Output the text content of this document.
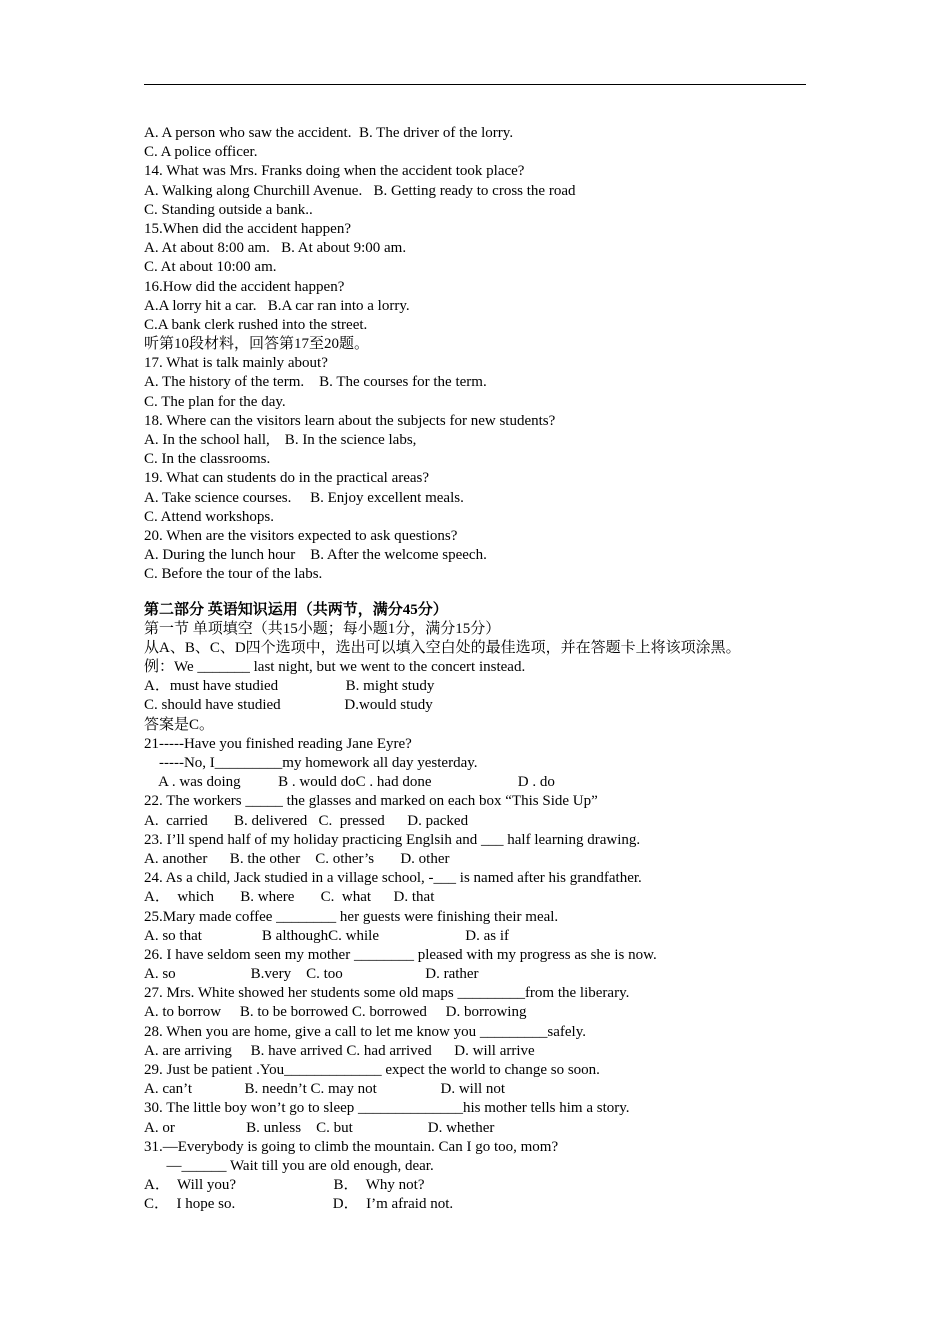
A. A person who saw the accident.  B. The driver of the lorry.
C. A police officer.
14. What was Mrs. Franks doing when the accident took place?
A. Walking along Churchill Avenue.   B. Getting ready to cross the road
C. Standing outside a bank..
15.When did the accident happen?
A. At about 8:00 am.   B. At about 9:00 am.
C. At about 10:00 am.
16.How did the accident happen?
A.A lorry hit a car.   B.A car ran into a lorry.
C.A bank clerk rushed into the street.
听第10段材料，回答第17至20题。
17. What is talk mainly about?
A. The history of the term.    B. The courses for the term.
C. The plan for the day.
18. Where can the visitors learn about the subjects for new students?
A. In the school hall,    B. In the science labs,
C. In the classrooms.
19. What can students do in the practical areas?
A. Take science courses.     B. Enjoy excellent meals.
C. Attend workshops.
20. When are the visitors expected to ask questions?
A. During the lunch hour    B. After the welcome speech.
C. Before the tour of the labs.
第二部分 英语知识运用（共两节，满分45分）
第一节 单项填空（共15小题；每小题1分，满分15分）
从A、B、C、D四个选项中，选出可以填入空白处的最佳选项，并在答题卡上将该项涂黑。
例：We _______ last night, but we went to the concert instead.
A．must have studied                  B. might study
C. should have studied                 D.would study
答案是C。
21-----Have you finished reading Jane Eyre?
-----No, I_________my homework all day yesterday.
A . was doing          B . would doC . had done                       D . do
22. The workers _____ the glasses and marked on each box “This Side Up”
A.  carried       B. delivered   C.  pressed      D. packed
23. I’ll spend half of my holiday practicing Englsih and ___ half learning drawing.
A. another      B. the other    C. other’s       D. other
24. As a child, Jack studied in a village school, -___ is named after his grandfather.
A．  which       B. where       C.  what      D. that
25.Mary made coffee ________ her guests were finishing their meal.
A. so that                B althoughC. while                       D. as if
26. I have seldom seen my mother ________ pleased with my progress as she is now.
A. so                    B.very    C. too                      D. rather
27. Mrs. White showed her students some old maps _________from the liberary.
A. to borrow     B. to be borrowed C. borrowed     D. borrowing
28. When you are home, give a call to let me know you _________safely.
A. are arriving     B. have arrived C. had arrived      D. will arrive
29. Just be patient .You_____________ expect the world to change so soon.
A. can’t              B. needn’t C. may not                 D. will not
30. The little boy won’t go to sleep ______________his mother tells him a story.
A. or                   B. unless    C. but                    D. whether
31.—Everybody is going to climb the mountain. Can I go too, mom?
—______ Wait till you are old enough, dear.
A．  Will you?                          B．  Why not?
C．  I hope so.                          D．  I’m afraid not.
